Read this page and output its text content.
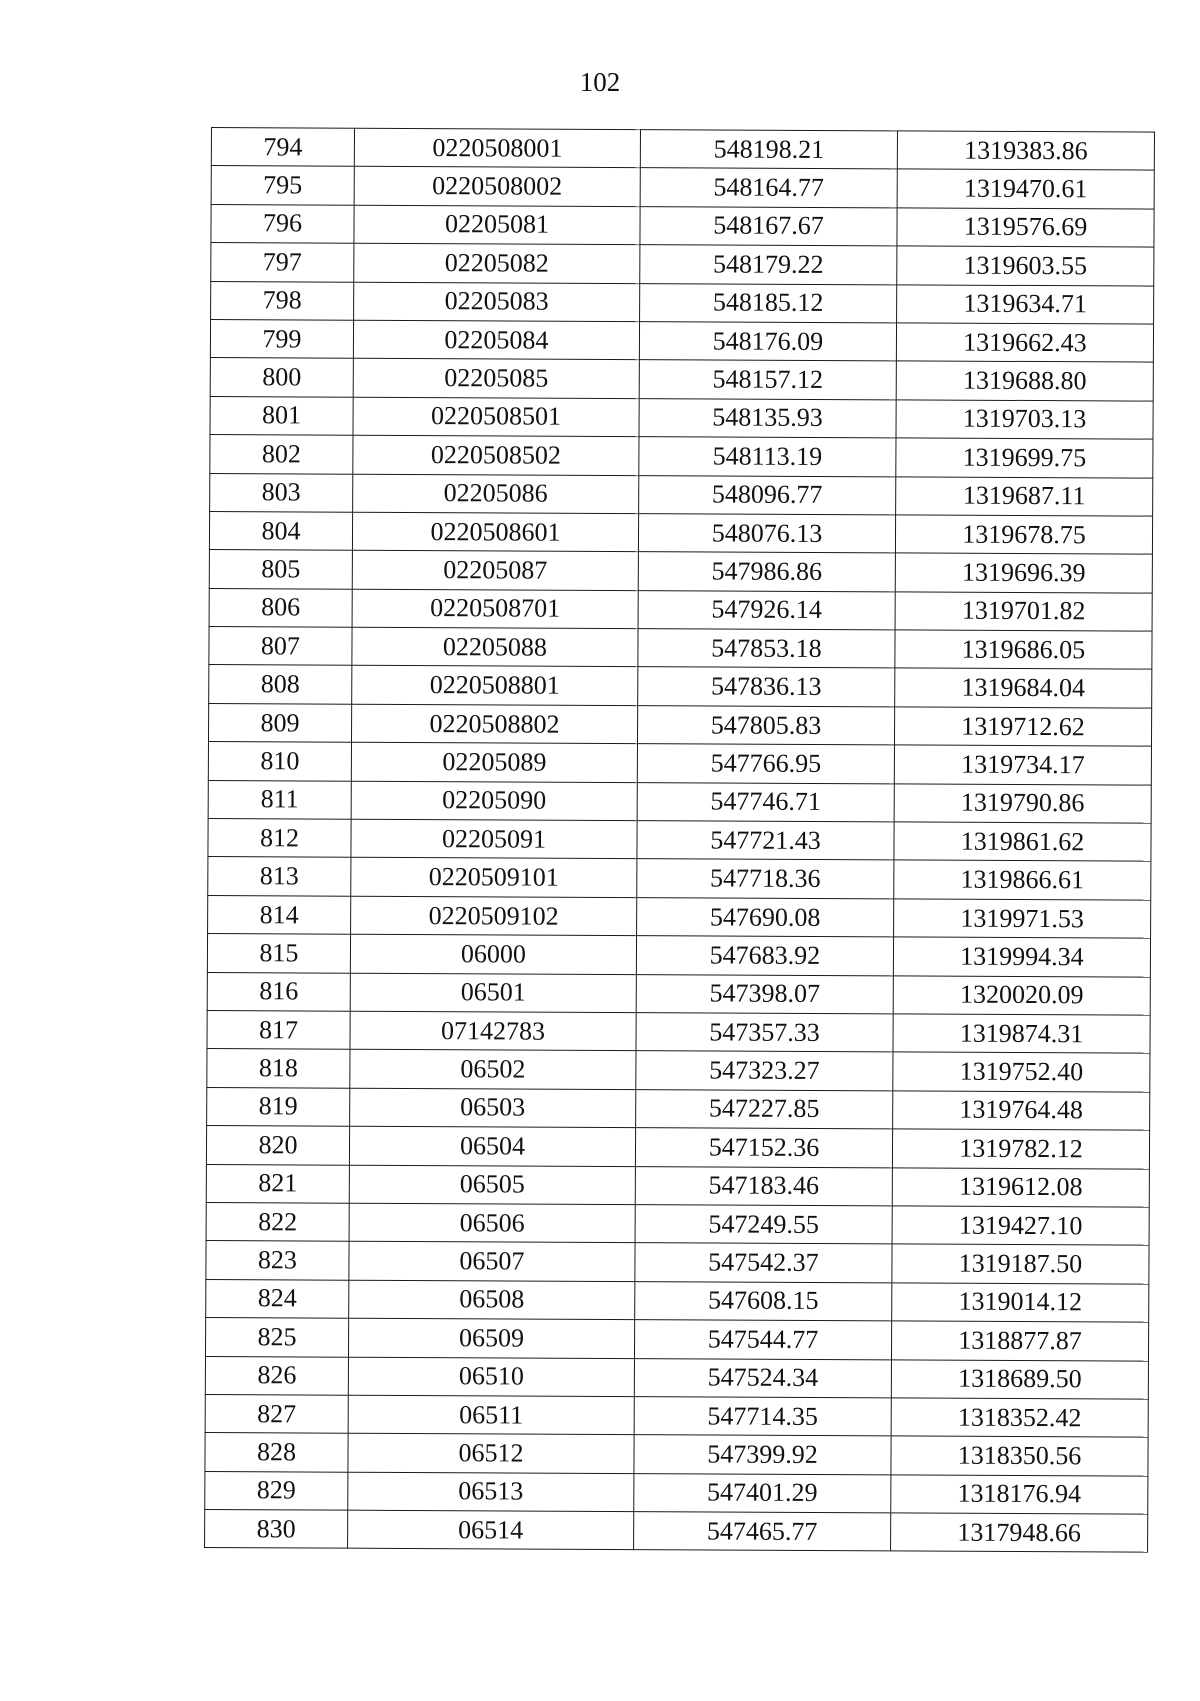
102
794	0220508001	548198.21	1319383.86
795	0220508002	548164.77	1319470.61
796	02205081	548167.67	1319576.69
797	02205082	548179.22	1319603.55
798	02205083	548185.12	1319634.71
799	02205084	548176.09	1319662.43
800	02205085	548157.12	1319688.80
801	0220508501	548135.93	1319703.13
802	0220508502	548113.19	1319699.75
803	02205086	548096.77	1319687.11
804	0220508601	548076.13	1319678.75
805	02205087	547986.86	1319696.39
806	0220508701	547926.14	1319701.82
807	02205088	547853.18	1319686.05
808	0220508801	547836.13	1319684.04
809	0220508802	547805.83	1319712.62
810	02205089	547766.95	1319734.17
811	02205090	547746.71	1319790.86
812	02205091	547721.43	1319861.62
813	0220509101	547718.36	1319866.61
814	0220509102	547690.08	1319971.53
815	06000	547683.92	1319994.34
816	06501	547398.07	1320020.09
817	07142783	547357.33	1319874.31
818	06502	547323.27	1319752.40
819	06503	547227.85	1319764.48
820	06504	547152.36	1319782.12
821	06505	547183.46	1319612.08
822	06506	547249.55	1319427.10
823	06507	547542.37	1319187.50
824	06508	547608.15	1319014.12
825	06509	547544.77	1318877.87
826	06510	547524.34	1318689.50
827	06511	547714.35	1318352.42
828	06512	547399.92	1318350.56
829	06513	547401.29	1318176.94
830	06514	547465.77	1317948.66
